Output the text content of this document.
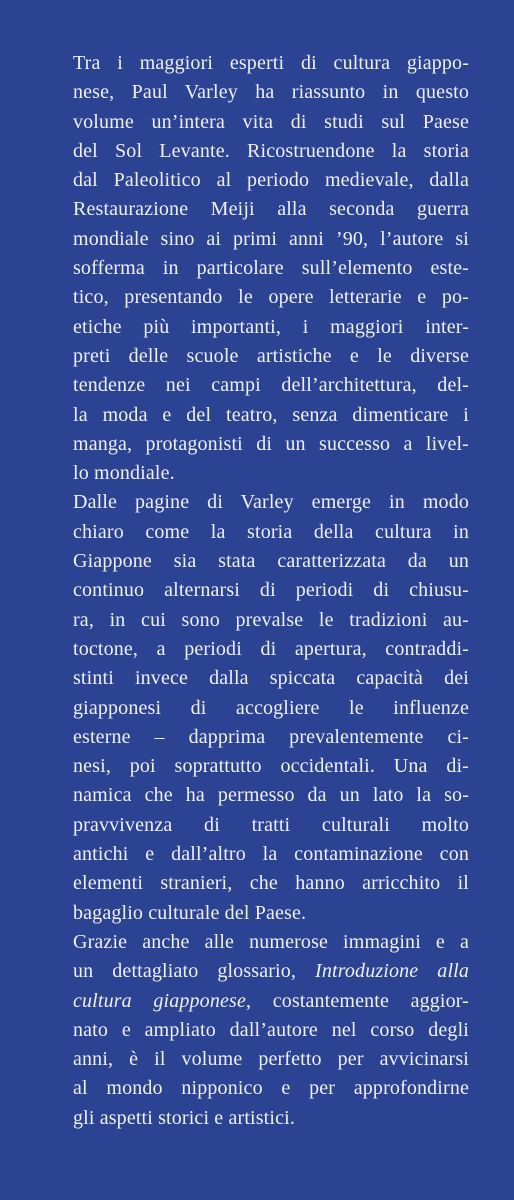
Tra i maggiori esperti di cultura giappo-
nese, Paul Varley ha riassunto in questo
volume un’intera vita di studi sul Paese
del Sol Levante. Ricostruendone la storia
dal Paleolitico al periodo medievale, dalla
Restaurazione Meiji alla seconda guerra
mondiale sino ai primi anni ’90, l’autore si
sofferma in particolare sull’elemento este-
tico, presentando le opere letterarie e po-
etiche più importanti, i maggiori inter-
preti delle scuole artistiche e le diverse
tendenze nei campi dell’architettura, del-
la moda e del teatro, senza dimenticare i
manga, protagonisti di un successo a livel-
lo mondiale.
Dalle pagine di Varley emerge in modo
chiaro come la storia della cultura in
Giappone sia stata caratterizzata da un
continuo alternarsi di periodi di chiusu-
ra, in cui sono prevalse le tradizioni au-
toctone, a periodi di apertura, contraddi-
stinti invece dalla spiccata capacità dei
giapponesi di accogliere le influenze
esterne – dapprima prevalentemente ci-
nesi, poi soprattutto occidentali. Una di-
namica che ha permesso da un lato la so-
pravvivenza di tratti culturali molto
antichi e dall’altro la contaminazione con
elementi stranieri, che hanno arricchito il
bagaglio culturale del Paese.
Grazie anche alle numerose immagini e a
un dettagliato glossario, Introduzione alla
cultura giapponese, costantemente aggior-
nato e ampliato dall’autore nel corso degli
anni, è il volume perfetto per avvicinarsi
al mondo nipponico e per approfondirne
gli aspetti storici e artistici.
